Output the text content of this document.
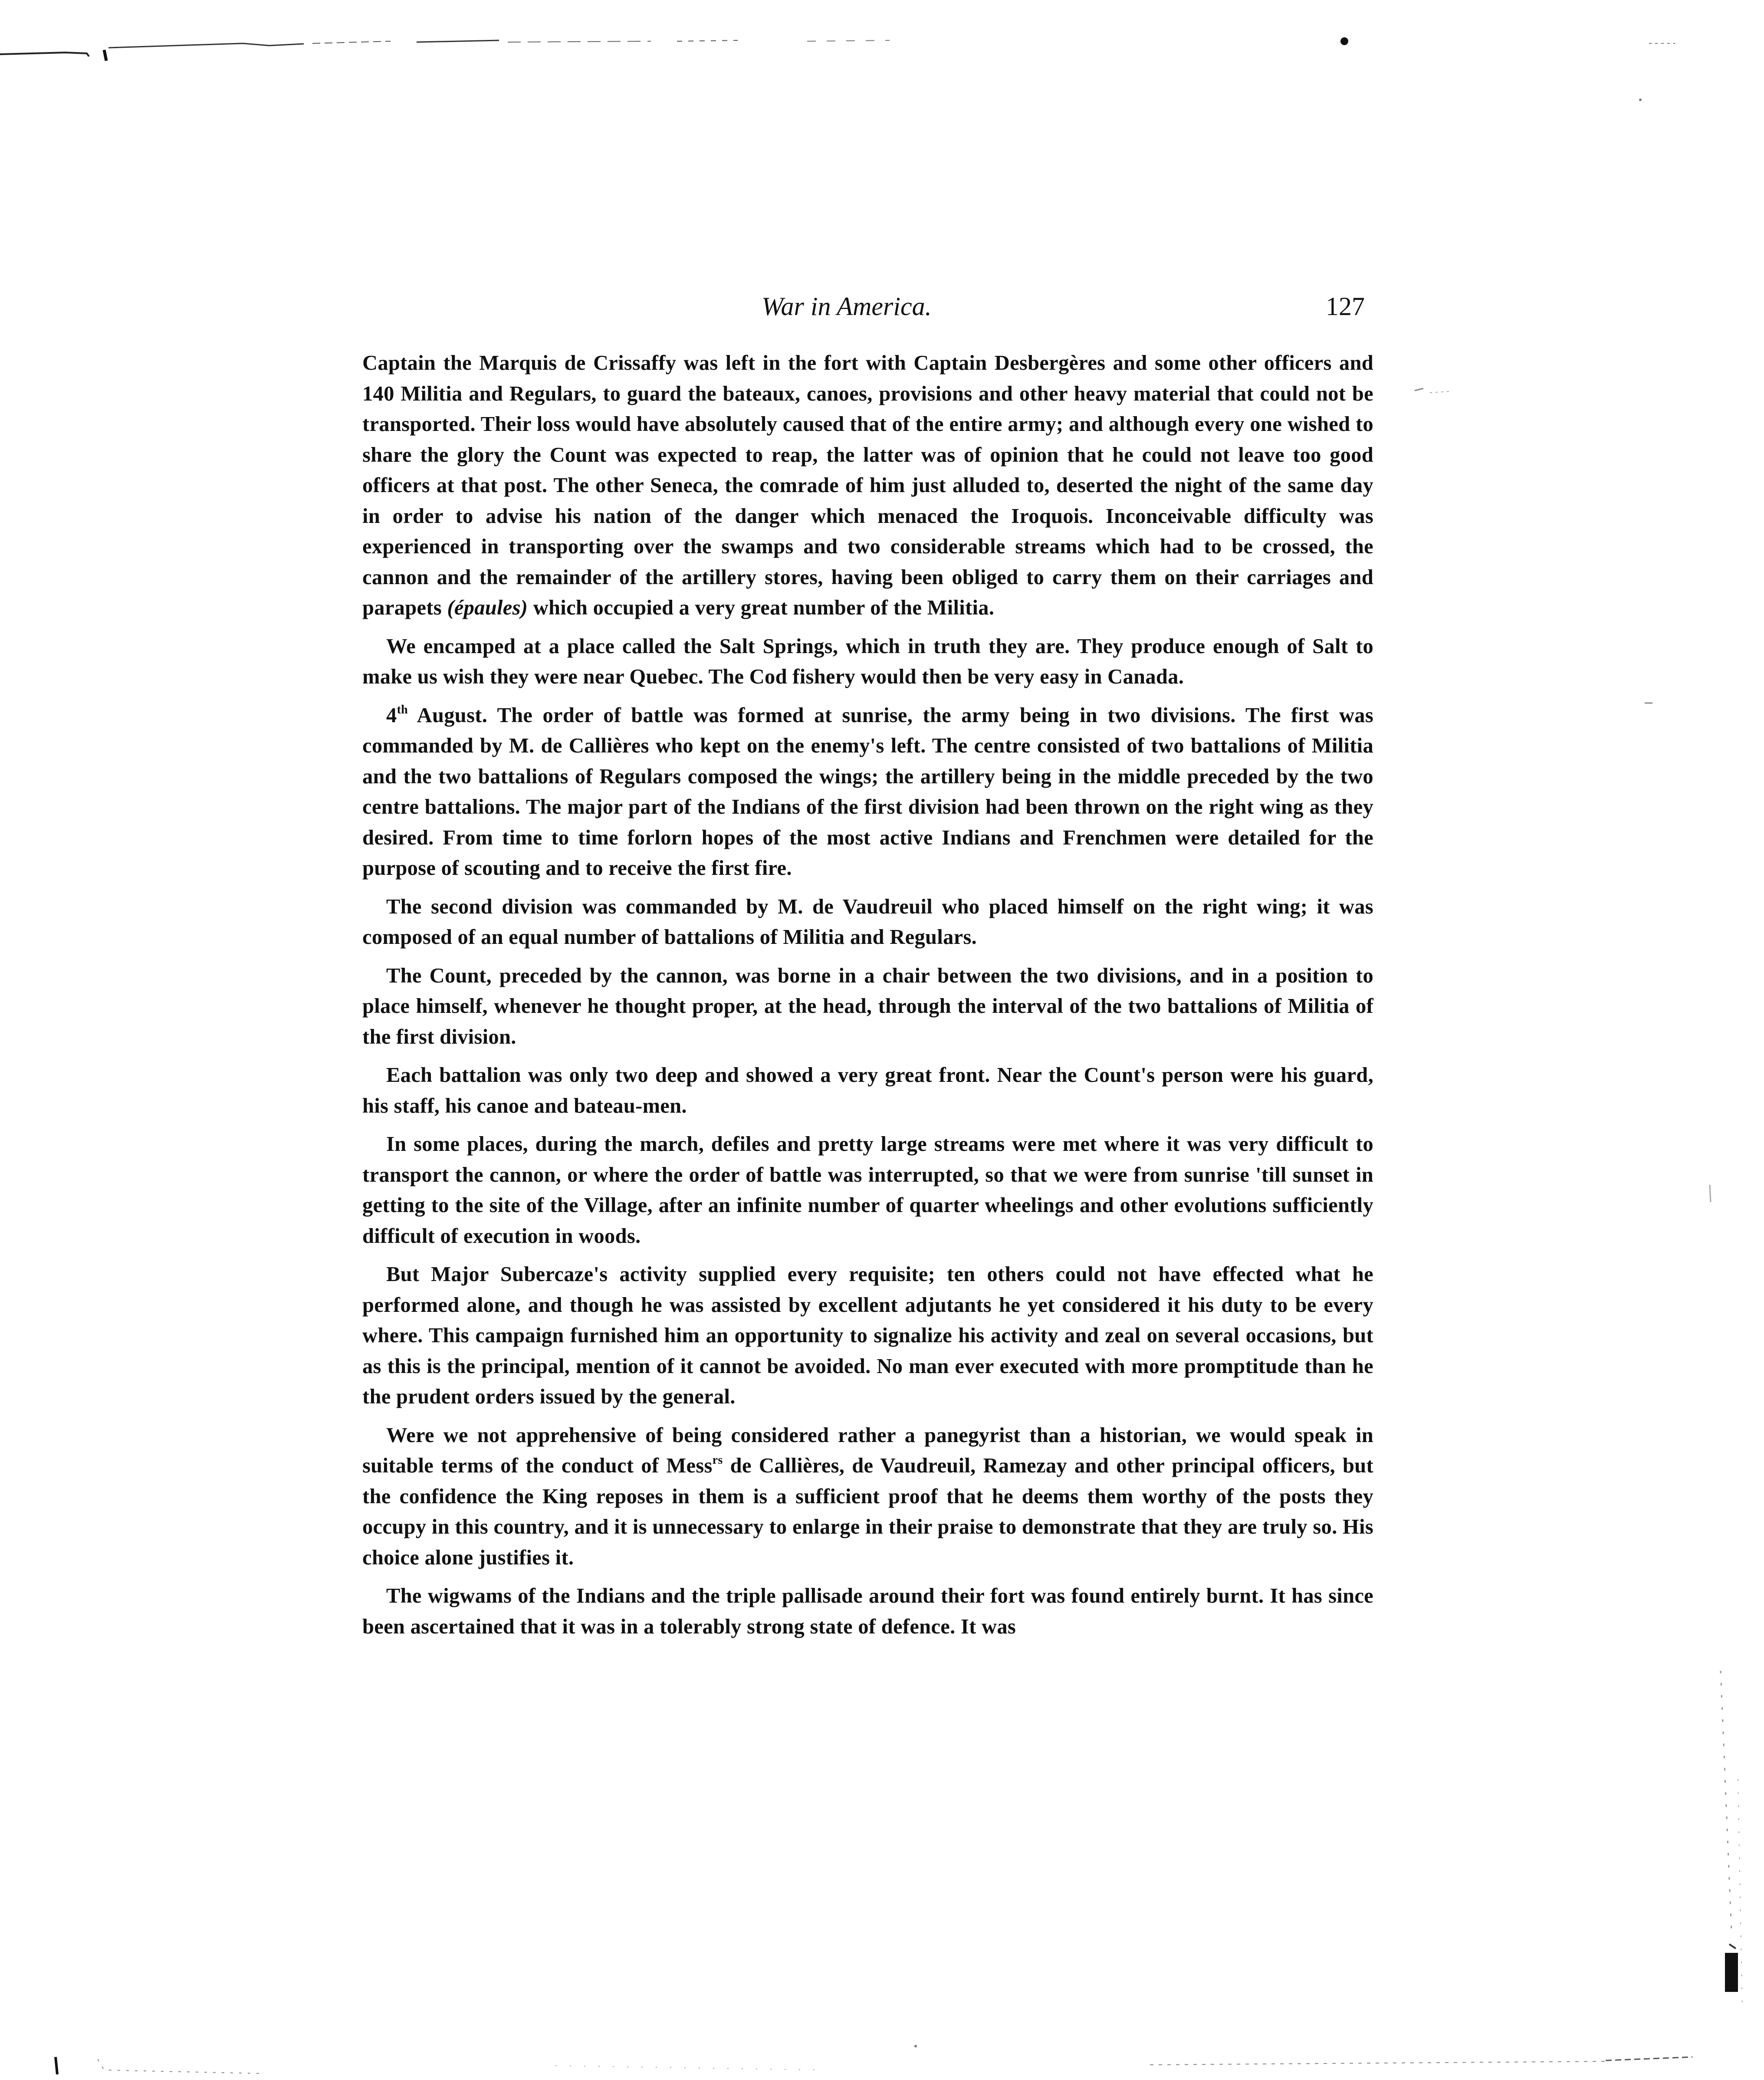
War in America.	127

Captain the Marquis de Crissaffy was left in the fort with Captain Desbergères and some other officers and 140 Militia and Regulars, to guard the bateaux, canoes, provisions and other heavy material that could not be transported. Their loss would have absolutely caused that of the entire army; and although every one wished to share the glory the Count was expected to reap, the latter was of opinion that he could not leave too good officers at that post. The other Seneca, the comrade of him just alluded to, deserted the night of the same day in order to advise his nation of the danger which menaced the Iroquois. Inconceivable difficulty was experienced in transporting over the swamps and two considerable streams which had to be crossed, the cannon and the remainder of the artillery stores, having been obliged to carry them on their carriages and parapets (épaules) which occupied a very great number of the Militia.

We encamped at a place called the Salt Springs, which in truth they are. They produce enough of Salt to make us wish they were near Quebec. The Cod fishery would then be very easy in Canada.

4th August. The order of battle was formed at sunrise, the army being in two divisions. The first was commanded by M. de Callières who kept on the enemy's left. The centre consisted of two battalions of Militia and the two battalions of Regulars composed the wings; the artillery being in the middle preceded by the two centre battalions. The major part of the Indians of the first division had been thrown on the right wing as they desired. From time to time forlorn hopes of the most active Indians and Frenchmen were detailed for the purpose of scouting and to receive the first fire.

The second division was commanded by M. de Vaudreuil who placed himself on the right wing; it was composed of an equal number of battalions of Militia and Regulars.

The Count, preceded by the cannon, was borne in a chair between the two divisions, and in a position to place himself, whenever he thought proper, at the head, through the interval of the two battalions of Militia of the first division.

Each battalion was only two deep and showed a very great front. Near the Count's person were his guard, his staff, his canoe and bateau-men.

In some places, during the march, defiles and pretty large streams were met where it was very difficult to transport the cannon, or where the order of battle was interrupted, so that we were from sunrise 'till sunset in getting to the site of the Village, after an infinite number of quarter wheelings and other evolutions sufficiently difficult of execution in woods.

But Major Subercaze's activity supplied every requisite; ten others could not have effected what he performed alone, and though he was assisted by excellent adjutants he yet considered it his duty to be every where. This campaign furnished him an opportunity to signalize his activity and zeal on several occasions, but as this is the principal, mention of it cannot be avoided. No man ever executed with more promptitude than he the prudent orders issued by the general.

Were we not apprehensive of being considered rather a panegyrist than a historian, we would speak in suitable terms of the conduct of Mess$^{rs}$ de Callières, de Vaudreuil, Ramezay and other principal officers, but the confidence the King reposes in them is a sufficient proof that he deems them worthy of the posts they occupy in this country, and it is unnecessary to enlarge in their praise to demonstrate that they are truly so. His choice alone justifies it.

The wigwams of the Indians and the triple pallisade around their fort was found entirely burnt. It has since been ascertained that it was in a tolerably strong state of defence. It was
